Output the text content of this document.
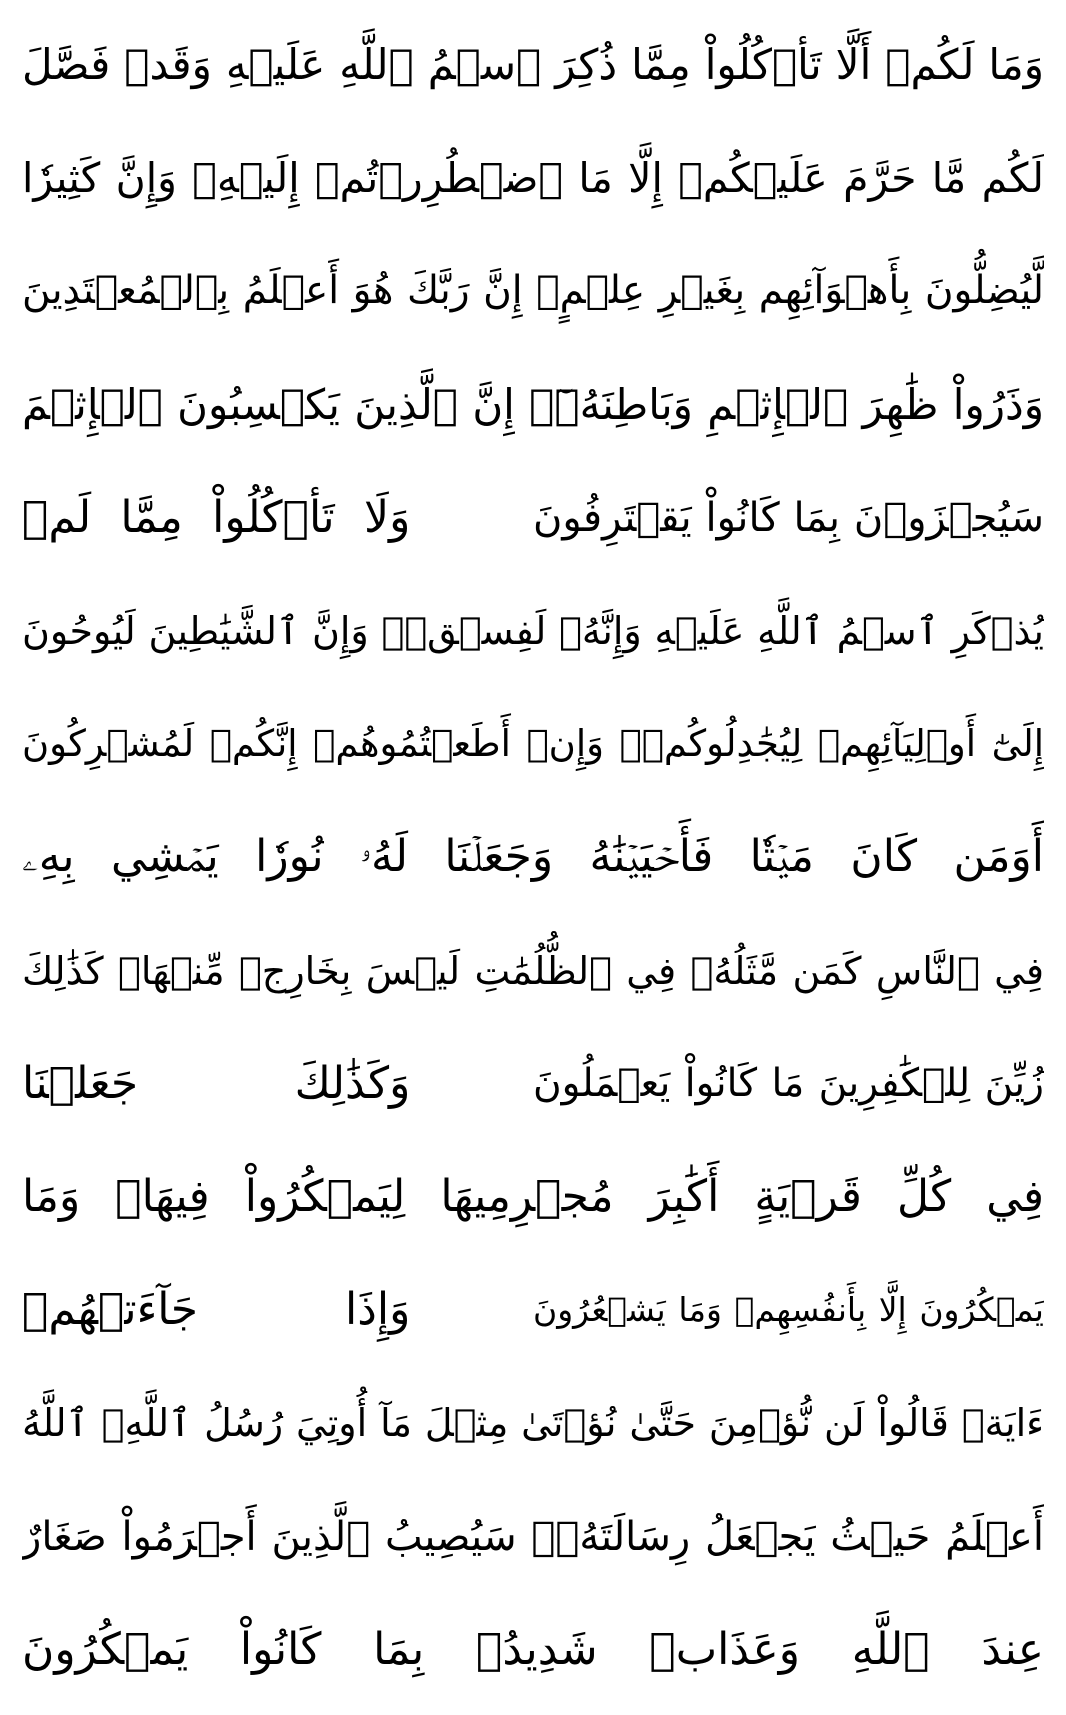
وَمَا لَكُمۡ أَلَّا تَأۡكُلُواْ مِمَّا ذُكِرَ ٱسۡمُ ٱللَّهِ عَلَيۡهِ وَقَدۡ فَصَّلَ
لَكُم مَّا حَرَّمَ عَلَيۡكُمۡ إِلَّا مَا ٱضۡطُرِرۡتُمۡ إِلَيۡهِۗ وَإِنَّ كَثِيرٗا
لَّيُضِلُّونَ بِأَهۡوَآئِهِم بِغَيۡرِ عِلۡمٍۚ إِنَّ رَبَّكَ هُوَ أَعۡلَمُ بِٱلۡمُعۡتَدِينَ
وَذَرُواْ ظَٰهِرَ ٱلۡإِثۡمِ وَبَاطِنَهُۥٓۚ إِنَّ ٱلَّذِينَ يَكۡسِبُونَ ٱلۡإِثۡمَ
سَيُجۡزَوۡنَ بِمَا كَانُواْ يَقۡتَرِفُونَ
وَلَا تَأۡكُلُواْ مِمَّا لَمۡ
يُذۡكَرِ ٱسۡمُ ٱللَّهِ عَلَيۡهِ وَإِنَّهُۥ لَفِسۡقٞۗ وَإِنَّ ٱلشَّيَٰطِينَ لَيُوحُونَ
إِلَىٰٓ أَوۡلِيَآئِهِمۡ لِيُجَٰدِلُوكُمۡۖ وَإِنۡ أَطَعۡتُمُوهُمۡ إِنَّكُمۡ لَمُشۡرِكُونَ
أَوَمَن كَانَ مَيۡتٗا فَأَحۡيَيۡنَٰهُ وَجَعَلۡنَا لَهُۥ نُورٗا يَمۡشِي بِهِۦ
فِي ٱلنَّاسِ كَمَن مَّثَلُهُۥ فِي ٱلظُّلُمَٰتِ لَيۡسَ بِخَارِجٖ مِّنۡهَاۚ كَذَٰلِكَ
زُيِّنَ لِلۡكَٰفِرِينَ مَا كَانُواْ يَعۡمَلُونَ
وَكَذَٰلِكَ جَعَلۡنَا
فِي كُلِّ قَرۡيَةٍ أَكَٰبِرَ مُجۡرِمِيهَا لِيَمۡكُرُواْ فِيهَاۖ وَمَا
يَمۡكُرُونَ إِلَّا بِأَنفُسِهِمۡ وَمَا يَشۡعُرُونَ
وَإِذَا جَآءَتۡهُمۡ
ءَايَةٞ قَالُواْ لَن نُّؤۡمِنَ حَتَّىٰ نُؤۡتَىٰ مِثۡلَ مَآ أُوتِيَ رُسُلُ ٱللَّهِۘ ٱللَّهُ
أَعۡلَمُ حَيۡثُ يَجۡعَلُ رِسَالَتَهُۥۗ سَيُصِيبُ ٱلَّذِينَ أَجۡرَمُواْ صَغَارٌ
عِندَ ٱللَّهِ وَعَذَابٞ شَدِيدُۢ بِمَا كَانُواْ يَمۡكُرُونَ
